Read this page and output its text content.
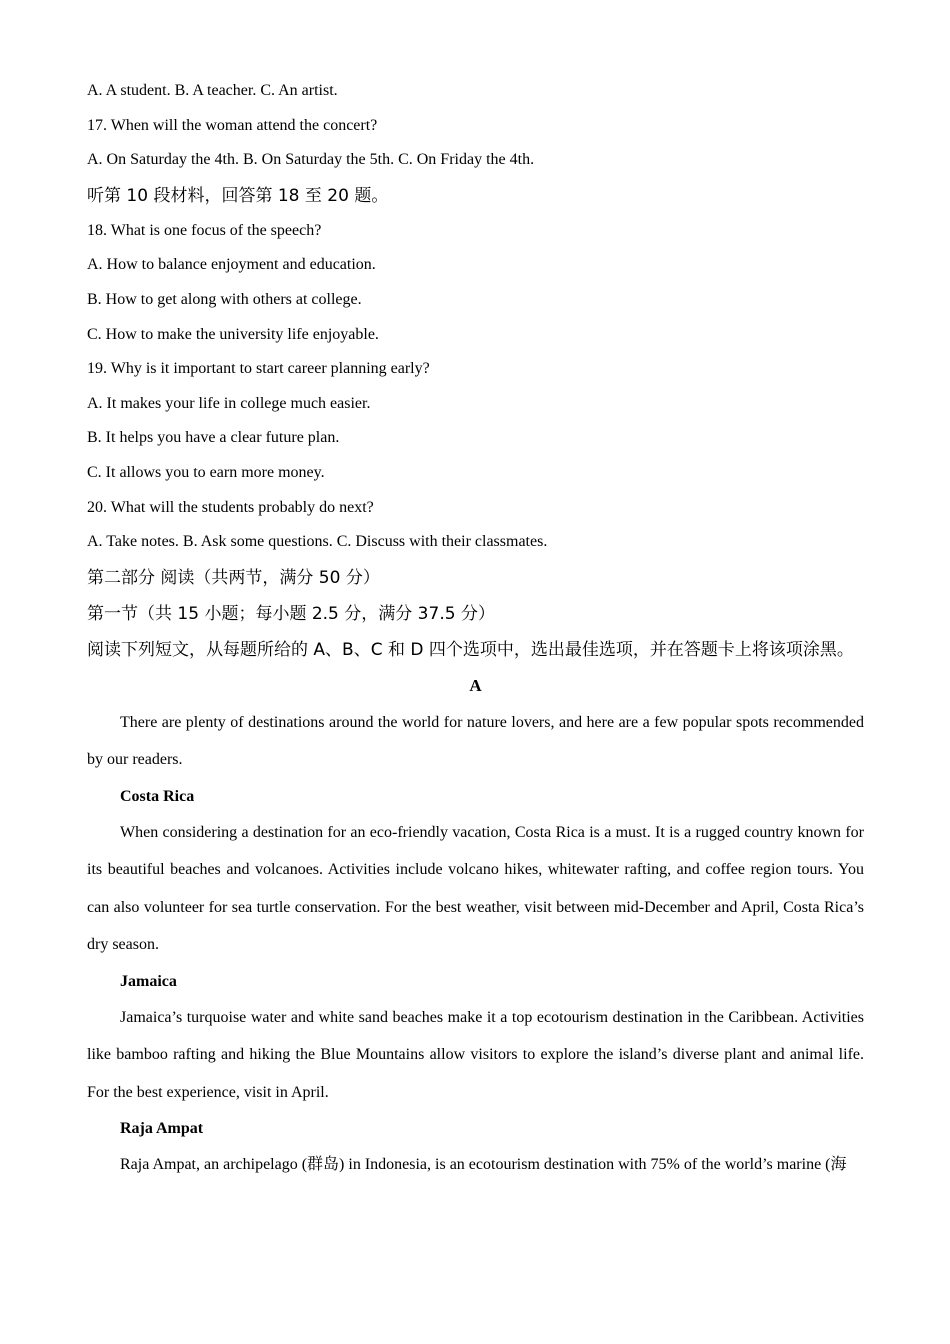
A. A student. B. A teacher. C. An artist.

17. When will the woman attend the concert?

A. On Saturday the 4th. B. On Saturday the 5th. C. On Friday the 4th.

听第 10 段材料，回答第 18 至 20 题。

18. What is one focus of the speech?

A. How to balance enjoyment and education.

B. How to get along with others at college.

C. How to make the university life enjoyable.

19. Why is it important to start career planning early?

A. It makes your life in college much easier.

B. It helps you have a clear future plan.

C. It allows you to earn more money.

20. What will the students probably do next?

A. Take notes. B. Ask some questions. C. Discuss with their classmates.

第二部分 阅读（共两节，满分 50 分）

第一节（共 15 小题；每小题 2.5 分，满分 37.5 分）

阅读下列短文，从每题所给的 A、B、C 和 D 四个选项中，选出最佳选项，并在答题卡上将该项涂黑。

A

There are plenty of destinations around the world for nature lovers, and here are a few popular spots recommended by our readers.

Costa Rica

When considering a destination for an eco-friendly vacation, Costa Rica is a must. It is a rugged country known for its beautiful beaches and volcanoes. Activities include volcano hikes, whitewater rafting, and coffee region tours. You can also volunteer for sea turtle conservation. For the best weather, visit between mid-December and April, Costa Rica’s dry season.

Jamaica

Jamaica’s turquoise water and white sand beaches make it a top ecotourism destination in the Caribbean. Activities like bamboo rafting and hiking the Blue Mountains allow visitors to explore the island’s diverse plant and animal life. For the best experience, visit in April.

Raja Ampat

Raja Ampat, an archipelago (群岛) in Indonesia, is an ecotourism destination with 75% of the world’s marine (海
